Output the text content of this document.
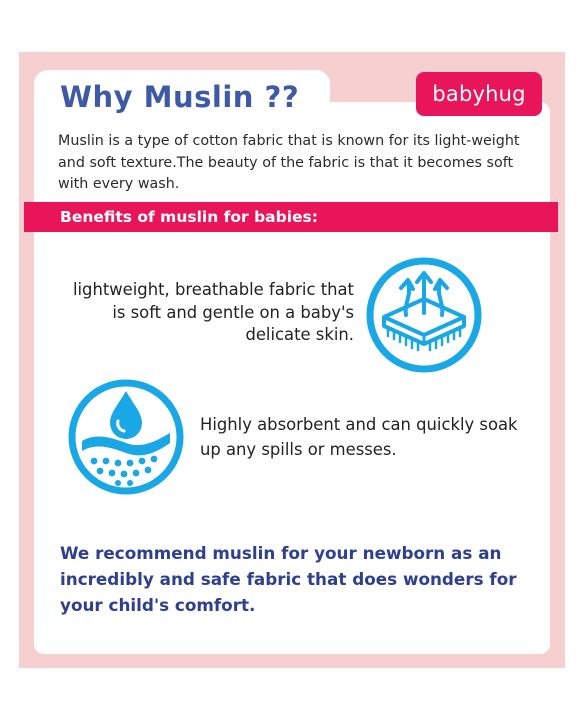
Why Muslin ??	babyhug

Muslin is a type of cotton fabric that is known for its light-weight and soft texture.The beauty of the fabric is that it becomes soft with every wash.

Benefits of muslin for babies:

lightweight, breathable fabric that is soft and gentle on a baby's delicate skin.

Highly absorbent and can quickly soak up any spills or messes.

We recommend muslin for your newborn as an incredibly and safe fabric that does wonders for your child's comfort.
